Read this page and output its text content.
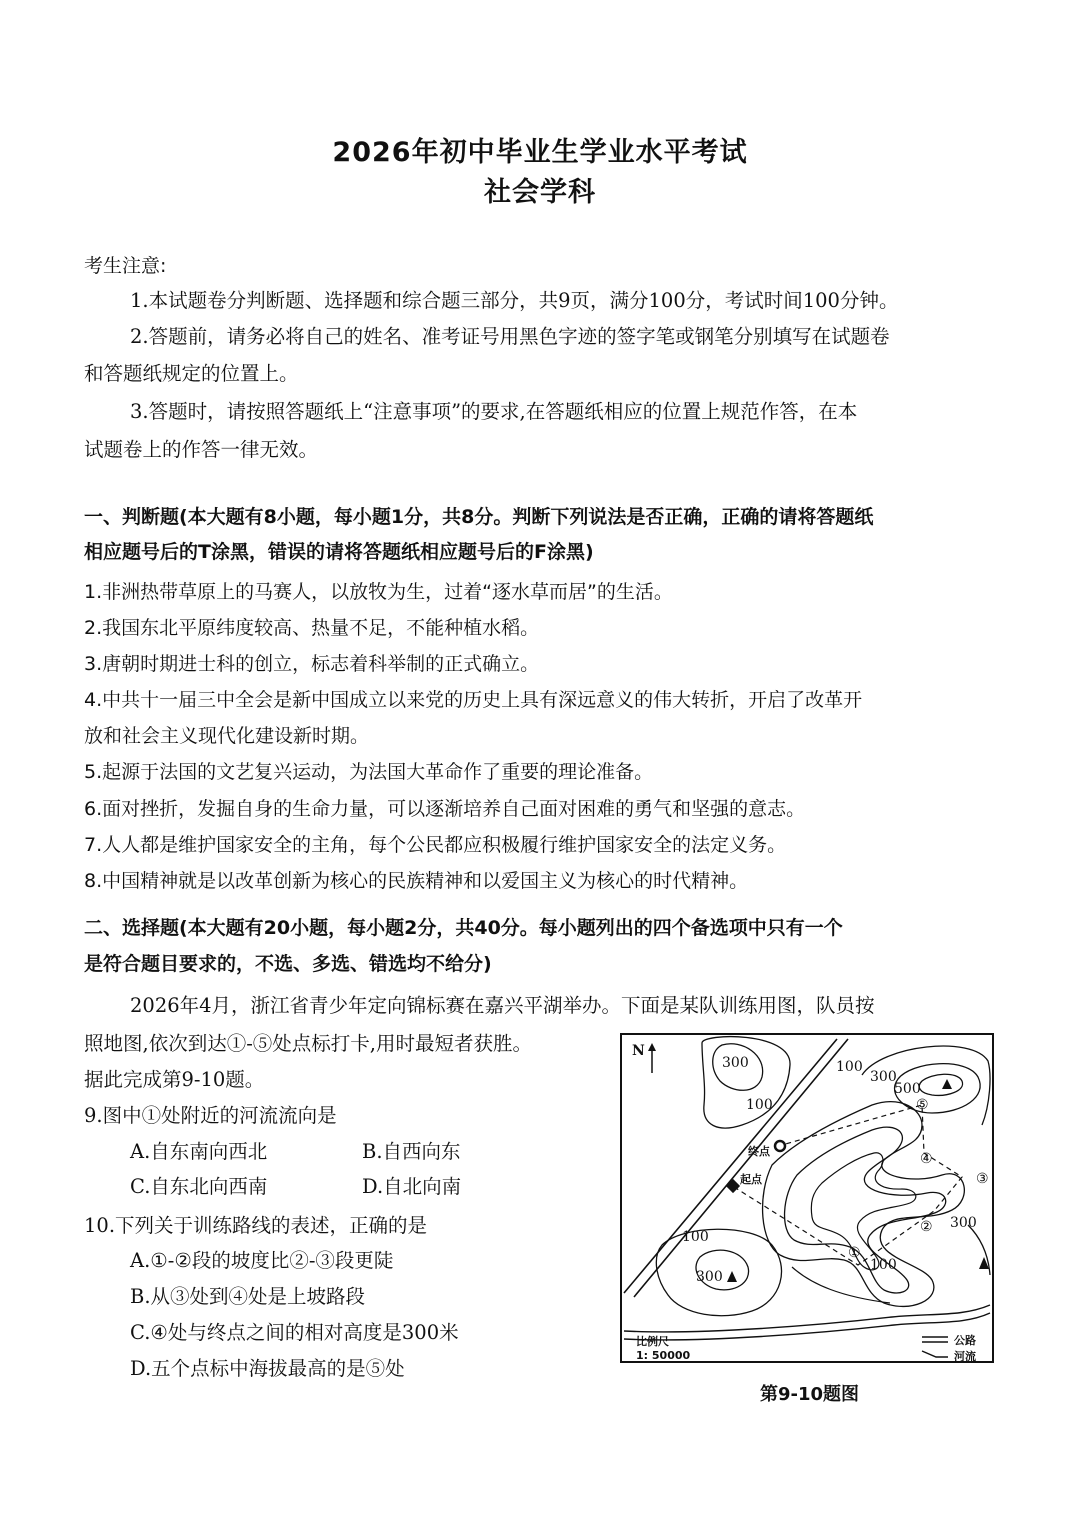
2026年初中毕业生学业水平考试
社会学科
考生注意:
1.本试题卷分判断题、选择题和综合题三部分，共9页，满分100分，考试时间100分钟。
2.答题前，请务必将自己的姓名、准考证号用黑色字迹的签字笔或钢笔分别填写在试题卷
和答题纸规定的位置上。
3.答题时，请按照答题纸上“注意事项”的要求,在答题纸相应的位置上规范作答，在本
试题卷上的作答一律无效。
一、判断题(本大题有8小题，每小题1分，共8分。判断下列说法是否正确，正确的请将答题纸
相应题号后的T涂黑，错误的请将答题纸相应题号后的F涂黑)
1.非洲热带草原上的马赛人，以放牧为生，过着“逐水草而居”的生活。
2.我国东北平原纬度较高、热量不足，不能种植水稻。
3.唐朝时期进士科的创立，标志着科举制的正式确立。
4.中共十一届三中全会是新中国成立以来党的历史上具有深远意义的伟大转折，开启了改革开
放和社会主义现代化建设新时期。
5.起源于法国的文艺复兴运动，为法国大革命作了重要的理论准备。
6.面对挫折，发掘自身的生命力量，可以逐渐培养自己面对困难的勇气和坚强的意志。
7.人人都是维护国家安全的主角，每个公民都应积极履行维护国家安全的法定义务。
8.中国精神就是以改革创新为核心的民族精神和以爱国主义为核心的时代精神。
二、选择题(本大题有20小题，每小题2分，共40分。每小题列出的四个备选项中只有一个
是符合题目要求的，不选、多选、错选均不给分)
2026年4月，浙江省青少年定向锦标赛在嘉兴平湖举办。下面是某队训练用图，队员按
照地图,依次到达①-⑤处点标打卡,用时最短者获胜。
据此完成第9-10题。
9.图中①处附近的河流流向是
A.自东南向西北	B.自西向东
C.自东北向西南	D.自北向南
10.下列关于训练路线的表述，正确的是
A.①-②段的坡度比②-③段更陡
B.从③处到④处是上坡路段
C.④处与终点之间的相对高度是300米
D.五个点标中海拔最高的是⑤处
N
300	100
300
500
100
100
300
100
300
终点
起点
①
②
③
④
⑤
比例尺
1: 50000
公路
河流
第9-10题图
